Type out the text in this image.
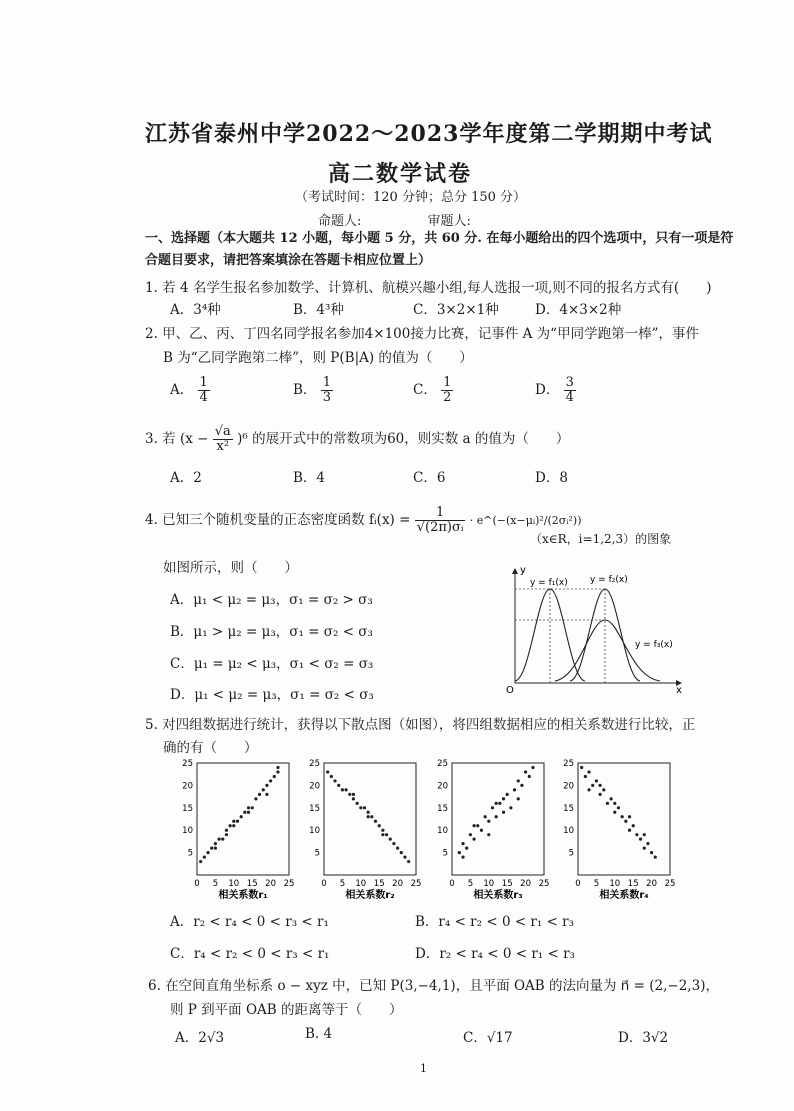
江苏省泰州中学2022～2023学年度第二学期期中考试
高二数学试卷
（考试时间：120 分钟；总分 150 分）
命题人:	审题人:
一、选择题（本大题共 12 小题，每小题 5 分，共 60 分. 在每小题给出的四个选项中，只有一项是符合题目要求，请把答案填涂在答题卡相应位置上）
1. 若 4 名学生报名参加数学、计算机、航模兴趣小组,每人选报一项,则不同的报名方式有(　　)
A．3⁴种	B．4³种	C．3×2×1种	D．4×3×2种
2. 甲、乙、丙、丁四名同学报名参加4×100接力比赛，记事件 A 为“甲同学跑第一棒”，事件
B 为“乙同学跑第二棒”，则 P(B|A) 的值为（　　）
A． $\frac{1}{4}$	B． $\frac{1}{3}$	C． $\frac{1}{2}$	D． $\frac{3}{4}$
3. 若 $(x - \frac{√a}{\text{x²}} )^6$ 的展开式中的常数项为60，则实数 a 的值为（　　）
A．2	B．4	C．6	D．8
4. 已知三个随机变量的正态密度函数 fᵢ(x) = $\frac{1}{\text{√(2π)σᵢ}}$ · e^(−(x−μᵢ)²/(2σᵢ²))
（x∈R，i=1,2,3）的图象
如图所示，则（　　）
A．μ₁ < μ₂ = μ₃，σ₁ = σ₂ > σ₃
B．μ₁ > μ₂ = μ₃，σ₁ = σ₂ < σ₃
C．μ₁ = μ₂ < μ₃，σ₁ < σ₂ = σ₃
D．μ₁ < μ₂ = μ₃，σ₁ = σ₂ < σ₃
y
x
O
y = f₁(x) y = f₂(x)
y = f₃(x)
5. 对四组数据进行统计，获得以下散点图（如图），将四组数据相应的相关系数进行比较，正
确的有（　　）
0 5
5
10
10
15
15
20
20
25
25
相关系数r₁
0 5
5
10
10
15
15
20
20
25
25
相关系数r₂
0 5
5
10
10
15
15
20
20
25
25
相关系数r₃
0 5
5
10
10
15
15
20
20
25
25
相关系数r₄
A．r₂ < r₄ < 0 < r₃ < r₁	B．r₄ < r₂ < 0 < r₁ < r₃
C．r₄ < r₂ < 0 < r₃ < r₁	D．r₂ < r₄ < 0 < r₁ < r₃
6. 在空间直角坐标系 o − xyz 中，已知 P(3,−4,1)，且平面 OAB 的法向量为 n⃗ = (2,−2,3)，
则 P 到平面 OAB 的距离等于（　　）
A．2√3	B. 4	C．√17	D．3√2
1
